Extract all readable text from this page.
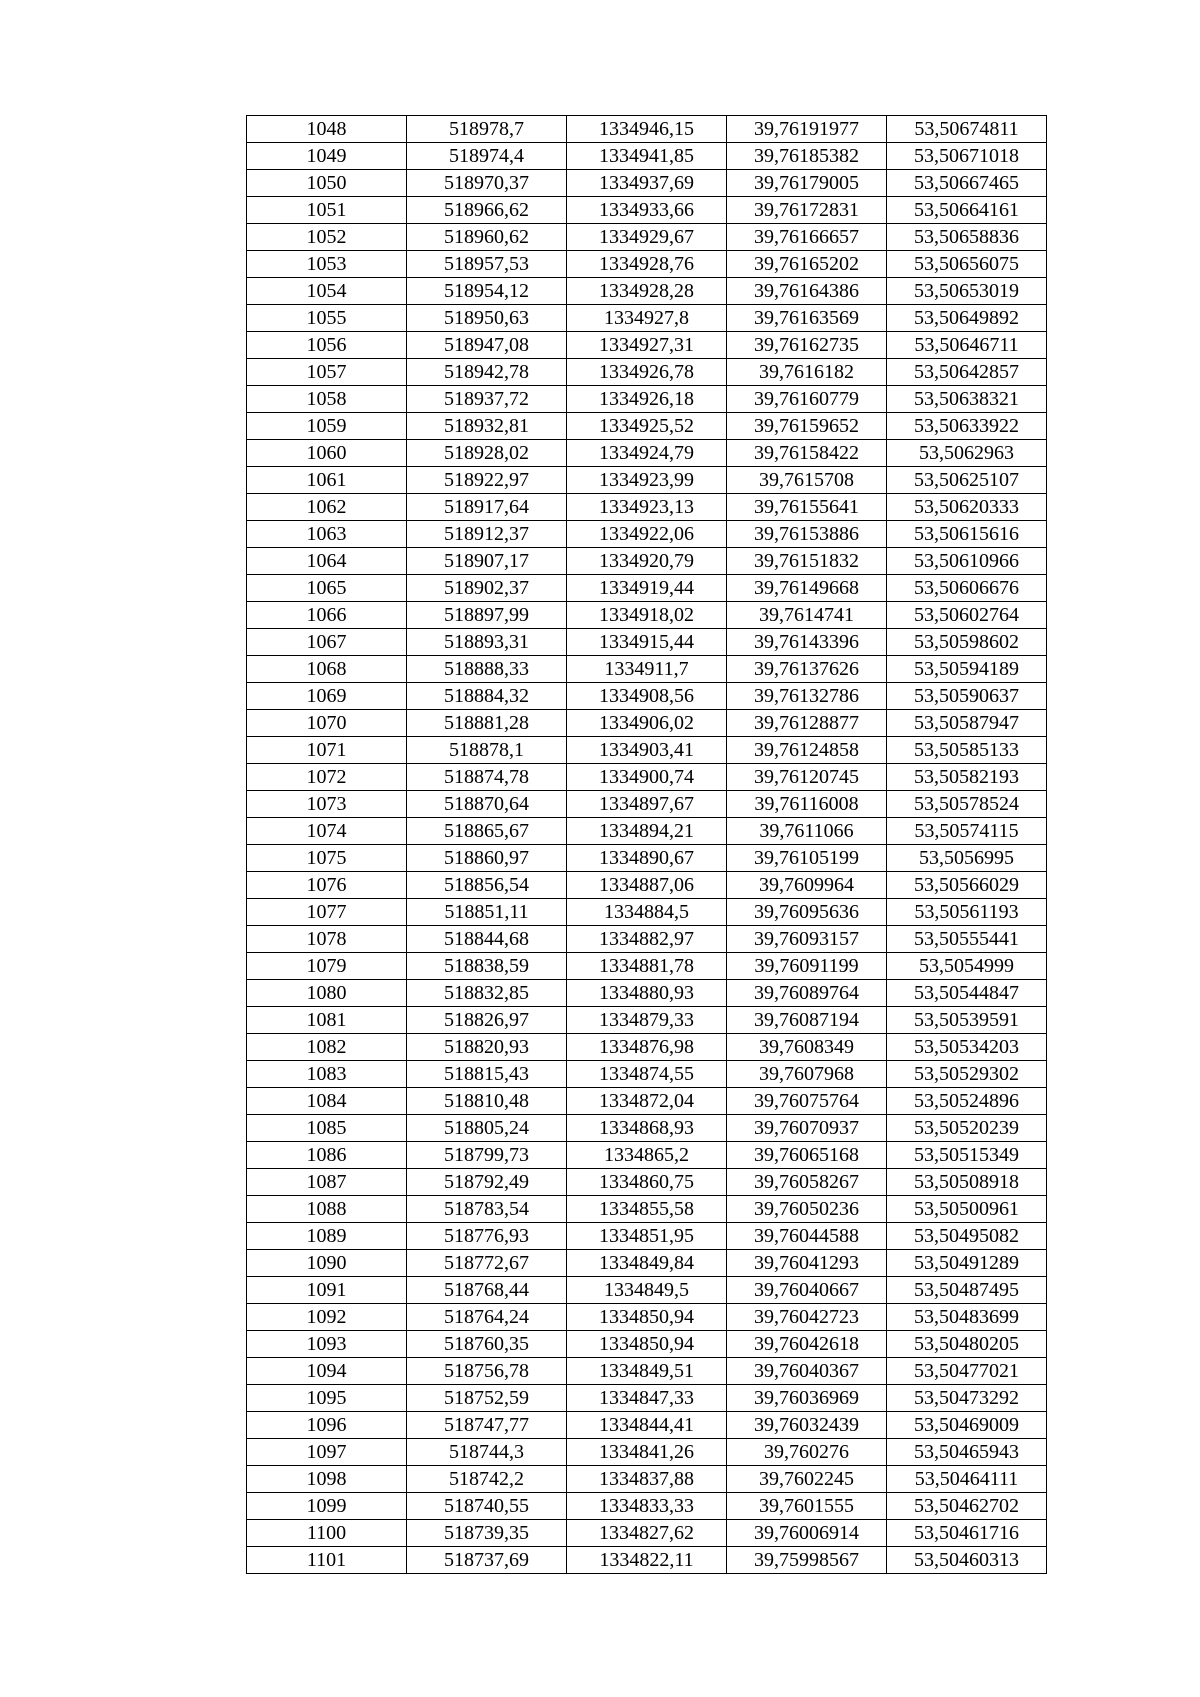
1048	518978,7	1334946,15	39,76191977	53,50674811
1049	518974,4	1334941,85	39,76185382	53,50671018
1050	518970,37	1334937,69	39,76179005	53,50667465
1051	518966,62	1334933,66	39,76172831	53,50664161
1052	518960,62	1334929,67	39,76166657	53,50658836
1053	518957,53	1334928,76	39,76165202	53,50656075
1054	518954,12	1334928,28	39,76164386	53,50653019
1055	518950,63	1334927,8	39,76163569	53,50649892
1056	518947,08	1334927,31	39,76162735	53,50646711
1057	518942,78	1334926,78	39,7616182	53,50642857
1058	518937,72	1334926,18	39,76160779	53,50638321
1059	518932,81	1334925,52	39,76159652	53,50633922
1060	518928,02	1334924,79	39,76158422	53,5062963
1061	518922,97	1334923,99	39,7615708	53,50625107
1062	518917,64	1334923,13	39,76155641	53,50620333
1063	518912,37	1334922,06	39,76153886	53,50615616
1064	518907,17	1334920,79	39,76151832	53,50610966
1065	518902,37	1334919,44	39,76149668	53,50606676
1066	518897,99	1334918,02	39,7614741	53,50602764
1067	518893,31	1334915,44	39,76143396	53,50598602
1068	518888,33	1334911,7	39,76137626	53,50594189
1069	518884,32	1334908,56	39,76132786	53,50590637
1070	518881,28	1334906,02	39,76128877	53,50587947
1071	518878,1	1334903,41	39,76124858	53,50585133
1072	518874,78	1334900,74	39,76120745	53,50582193
1073	518870,64	1334897,67	39,76116008	53,50578524
1074	518865,67	1334894,21	39,7611066	53,50574115
1075	518860,97	1334890,67	39,76105199	53,5056995
1076	518856,54	1334887,06	39,7609964	53,50566029
1077	518851,11	1334884,5	39,76095636	53,50561193
1078	518844,68	1334882,97	39,76093157	53,50555441
1079	518838,59	1334881,78	39,76091199	53,5054999
1080	518832,85	1334880,93	39,76089764	53,50544847
1081	518826,97	1334879,33	39,76087194	53,50539591
1082	518820,93	1334876,98	39,7608349	53,50534203
1083	518815,43	1334874,55	39,7607968	53,50529302
1084	518810,48	1334872,04	39,76075764	53,50524896
1085	518805,24	1334868,93	39,76070937	53,50520239
1086	518799,73	1334865,2	39,76065168	53,50515349
1087	518792,49	1334860,75	39,76058267	53,50508918
1088	518783,54	1334855,58	39,76050236	53,50500961
1089	518776,93	1334851,95	39,76044588	53,50495082
1090	518772,67	1334849,84	39,76041293	53,50491289
1091	518768,44	1334849,5	39,76040667	53,50487495
1092	518764,24	1334850,94	39,76042723	53,50483699
1093	518760,35	1334850,94	39,76042618	53,50480205
1094	518756,78	1334849,51	39,76040367	53,50477021
1095	518752,59	1334847,33	39,76036969	53,50473292
1096	518747,77	1334844,41	39,76032439	53,50469009
1097	518744,3	1334841,26	39,760276	53,50465943
1098	518742,2	1334837,88	39,7602245	53,50464111
1099	518740,55	1334833,33	39,7601555	53,50462702
1100	518739,35	1334827,62	39,76006914	53,50461716
1101	518737,69	1334822,11	39,75998567	53,50460313
